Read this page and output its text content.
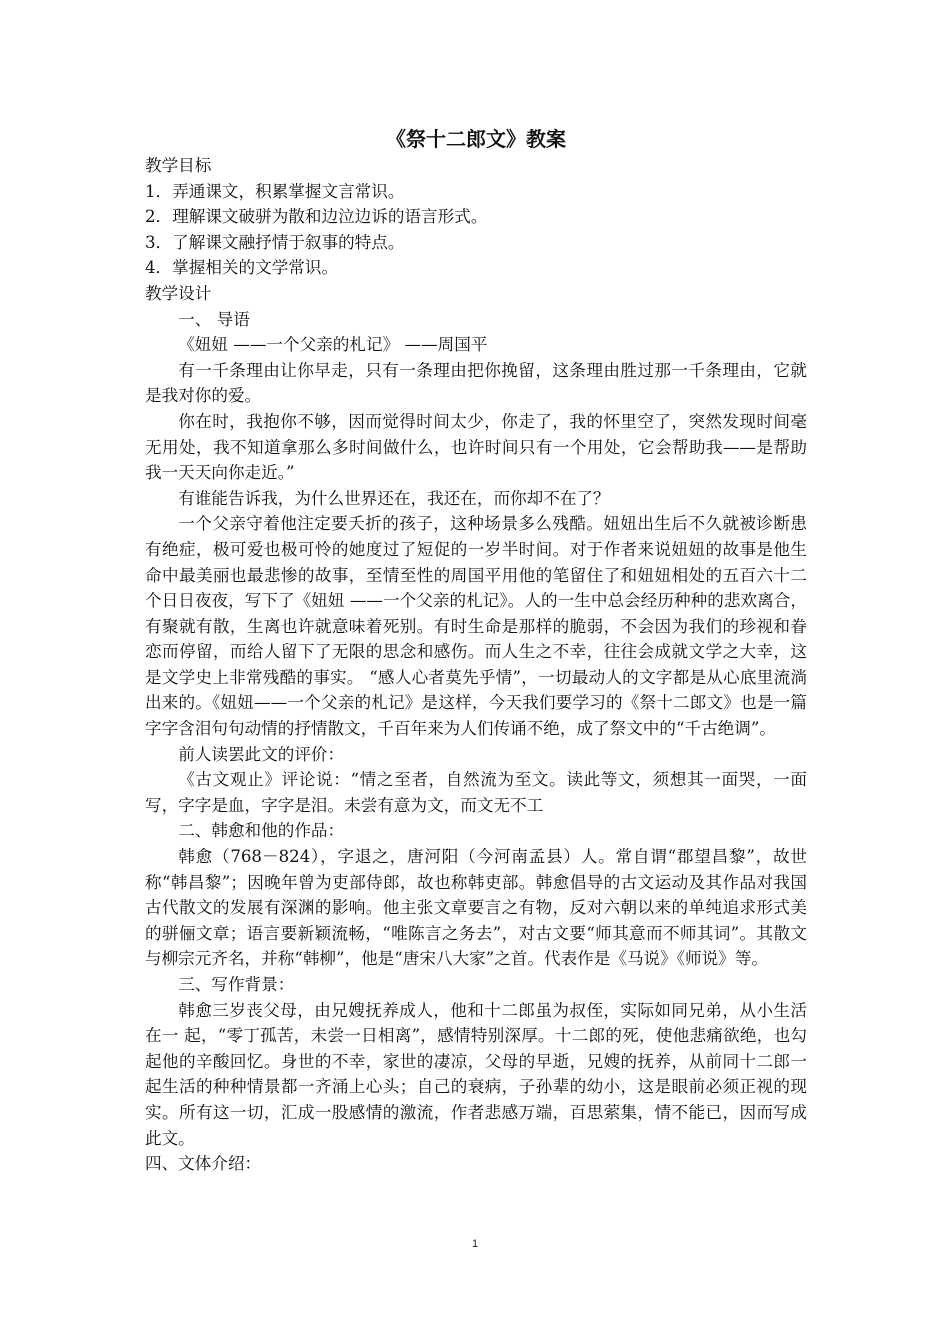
《祭十二郎文》教案
教学目标
1．弄通课文，积累掌握文言常识。
2．理解课文破骈为散和边泣边诉的语言形式。
3．了解课文融抒情于叙事的特点。
4．掌握相关的文学常识。
教学设计
一、 导语
《妞妞 ——一个父亲的札记》 ——周国平

有一千条理由让你早走，只有一条理由把你挽留，这条理由胜过那一千条理由，它就是我对你的爱。

你在时，我抱你不够，因而觉得时间太少，你走了，我的怀里空了，突然发现时间毫无用处，我不知道拿那么多时间做什么，也许时间只有一个用处，它会帮助我——是帮助我一天天向你走近。”

有谁能告诉我，为什么世界还在，我还在，而你却不在了？

一个父亲守着他注定要夭折的孩子，这种场景多么残酷。妞妞出生后不久就被诊断患有绝症，极可爱也极可怜的她度过了短促的一岁半时间。对于作者来说妞妞的故事是他生命中最美丽也最悲惨的故事，至情至性的周国平用他的笔留住了和妞妞相处的五百六十二个日日夜夜，写下了《妞妞 ——一个父亲的札记》。人的一生中总会经历种种的悲欢离合，有聚就有散，生离也许就意味着死别。有时生命是那样的脆弱，不会因为我们的珍视和眷恋而停留，而给人留下了无限的思念和感伤。而人生之不幸，往往会成就文学之大幸，这是文学史上非常残酷的事实。 “感人心者莫先乎情”，一切最动人的文字都是从心底里流淌出来的。《妞妞——一个父亲的札记》是这样，今天我们要学习的《祭十二郎文》也是一篇字字含泪句句动情的抒情散文，千百年来为人们传诵不绝，成了祭文中的“千古绝调”。

前人读罢此文的评价：

《古文观止》评论说：“情之至者，自然流为至文。读此等文，须想其一面哭，一面写，字字是血，字字是泪。未尝有意为文，而文无不工

二、韩愈和他的作品：

韩愈（768－824），字退之，唐河阳（今河南孟县）人。常自谓“郡望昌黎”，故世称“韩昌黎”；因晚年曾为吏部侍郎，故也称韩吏部。韩愈倡导的古文运动及其作品对我国古代散文的发展有深渊的影响。他主张文章要言之有物，反对六朝以来的单纯追求形式美的骈俪文章；语言要新颖流畅，“唯陈言之务去”，对古文要“师其意而不师其词”。其散文与柳宗元齐名，并称“韩柳”，他是“唐宋八大家”之首。代表作是《马说》《师说》等。

三、写作背景：

韩愈三岁丧父母，由兄嫂抚养成人，他和十二郎虽为叔侄，实际如同兄弟，从小生活在一 起，“零丁孤苦，未尝一日相离”，感情特别深厚。十二郎的死，使他悲痛欲绝，也勾起他的辛酸回忆。身世的不幸，家世的凄凉，父母的早逝，兄嫂的抚养，从前同十二郎一起生活的种种情景都一齐涌上心头；自己的衰病，子孙辈的幼小，这是眼前必须正视的现实。所有这一切，汇成一股感情的激流，作者悲感万端，百思萦集，情不能已，因而写成此文。

四、文体介绍：
1
